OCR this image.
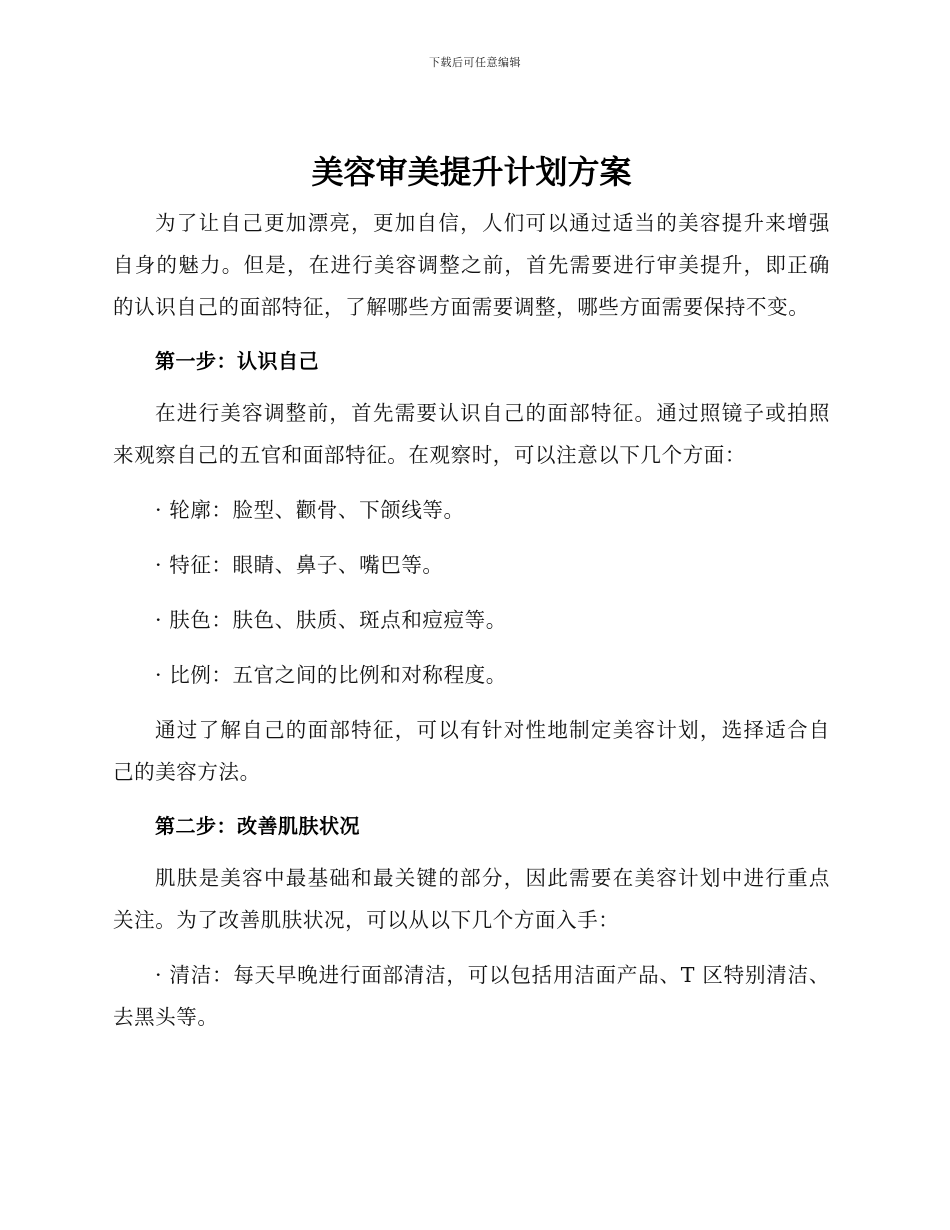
下载后可任意编辑
美容审美提升计划方案

为了让自己更加漂亮，更加自信，人们可以通过适当的美容提升来增强自身的魅力。但是，在进行美容调整之前，首先需要进行审美提升，即正确的认识自己的面部特征，了解哪些方面需要调整，哪些方面需要保持不变。

第一步：认识自己

在进行美容调整前，首先需要认识自己的面部特征。通过照镜子或拍照来观察自己的五官和面部特征。在观察时，可以注意以下几个方面：

· 轮廓：脸型、颧骨、下颌线等。

· 特征：眼睛、鼻子、嘴巴等。

· 肤色：肤色、肤质、斑点和痘痘等。

· 比例：五官之间的比例和对称程度。

通过了解自己的面部特征，可以有针对性地制定美容计划，选择适合自己的美容方法。

第二步：改善肌肤状况

肌肤是美容中最基础和最关键的部分，因此需要在美容计划中进行重点关注。为了改善肌肤状况，可以从以下几个方面入手：

· 清洁：每天早晚进行面部清洁，可以包括用洁面产品、T 区特别清洁、去黑头等。
